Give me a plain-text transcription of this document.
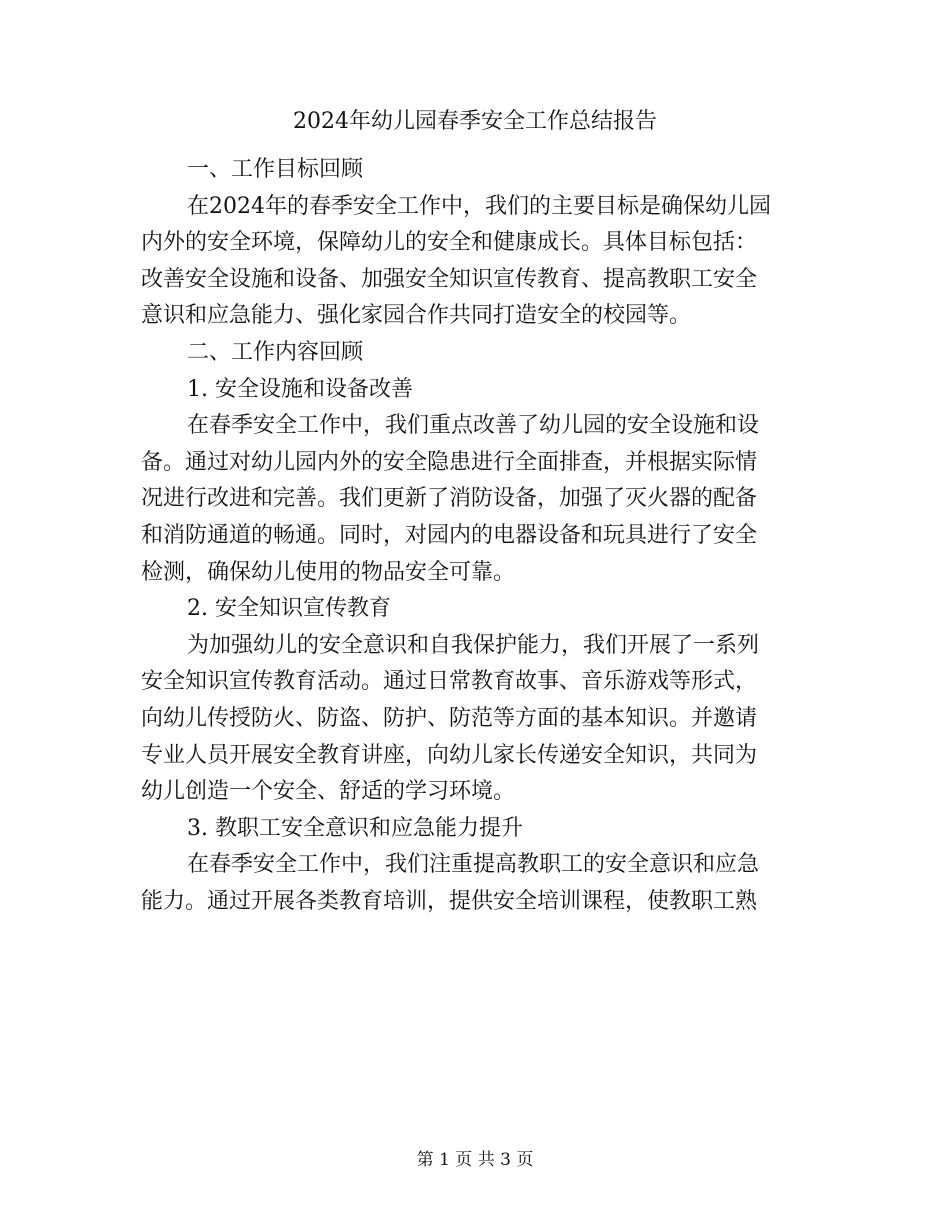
2024年幼儿园春季安全工作总结报告
一、工作目标回顾
在2024年的春季安全工作中，我们的主要目标是确保幼儿园
内外的安全环境，保障幼儿的安全和健康成长。具体目标包括：
改善安全设施和设备、加强安全知识宣传教育、提高教职工安全
意识和应急能力、强化家园合作共同打造安全的校园等。
二、工作内容回顾
1. 安全设施和设备改善
在春季安全工作中，我们重点改善了幼儿园的安全设施和设
备。通过对幼儿园内外的安全隐患进行全面排查，并根据实际情
况进行改进和完善。我们更新了消防设备，加强了灭火器的配备
和消防通道的畅通。同时，对园内的电器设备和玩具进行了安全
检测，确保幼儿使用的物品安全可靠。
2. 安全知识宣传教育
为加强幼儿的安全意识和自我保护能力，我们开展了一系列
安全知识宣传教育活动。通过日常教育故事、音乐游戏等形式，
向幼儿传授防火、防盗、防护、防范等方面的基本知识。并邀请
专业人员开展安全教育讲座，向幼儿家长传递安全知识，共同为
幼儿创造一个安全、舒适的学习环境。
3. 教职工安全意识和应急能力提升
在春季安全工作中，我们注重提高教职工的安全意识和应急
能力。通过开展各类教育培训，提供安全培训课程，使教职工熟
第 1 页 共 3 页
